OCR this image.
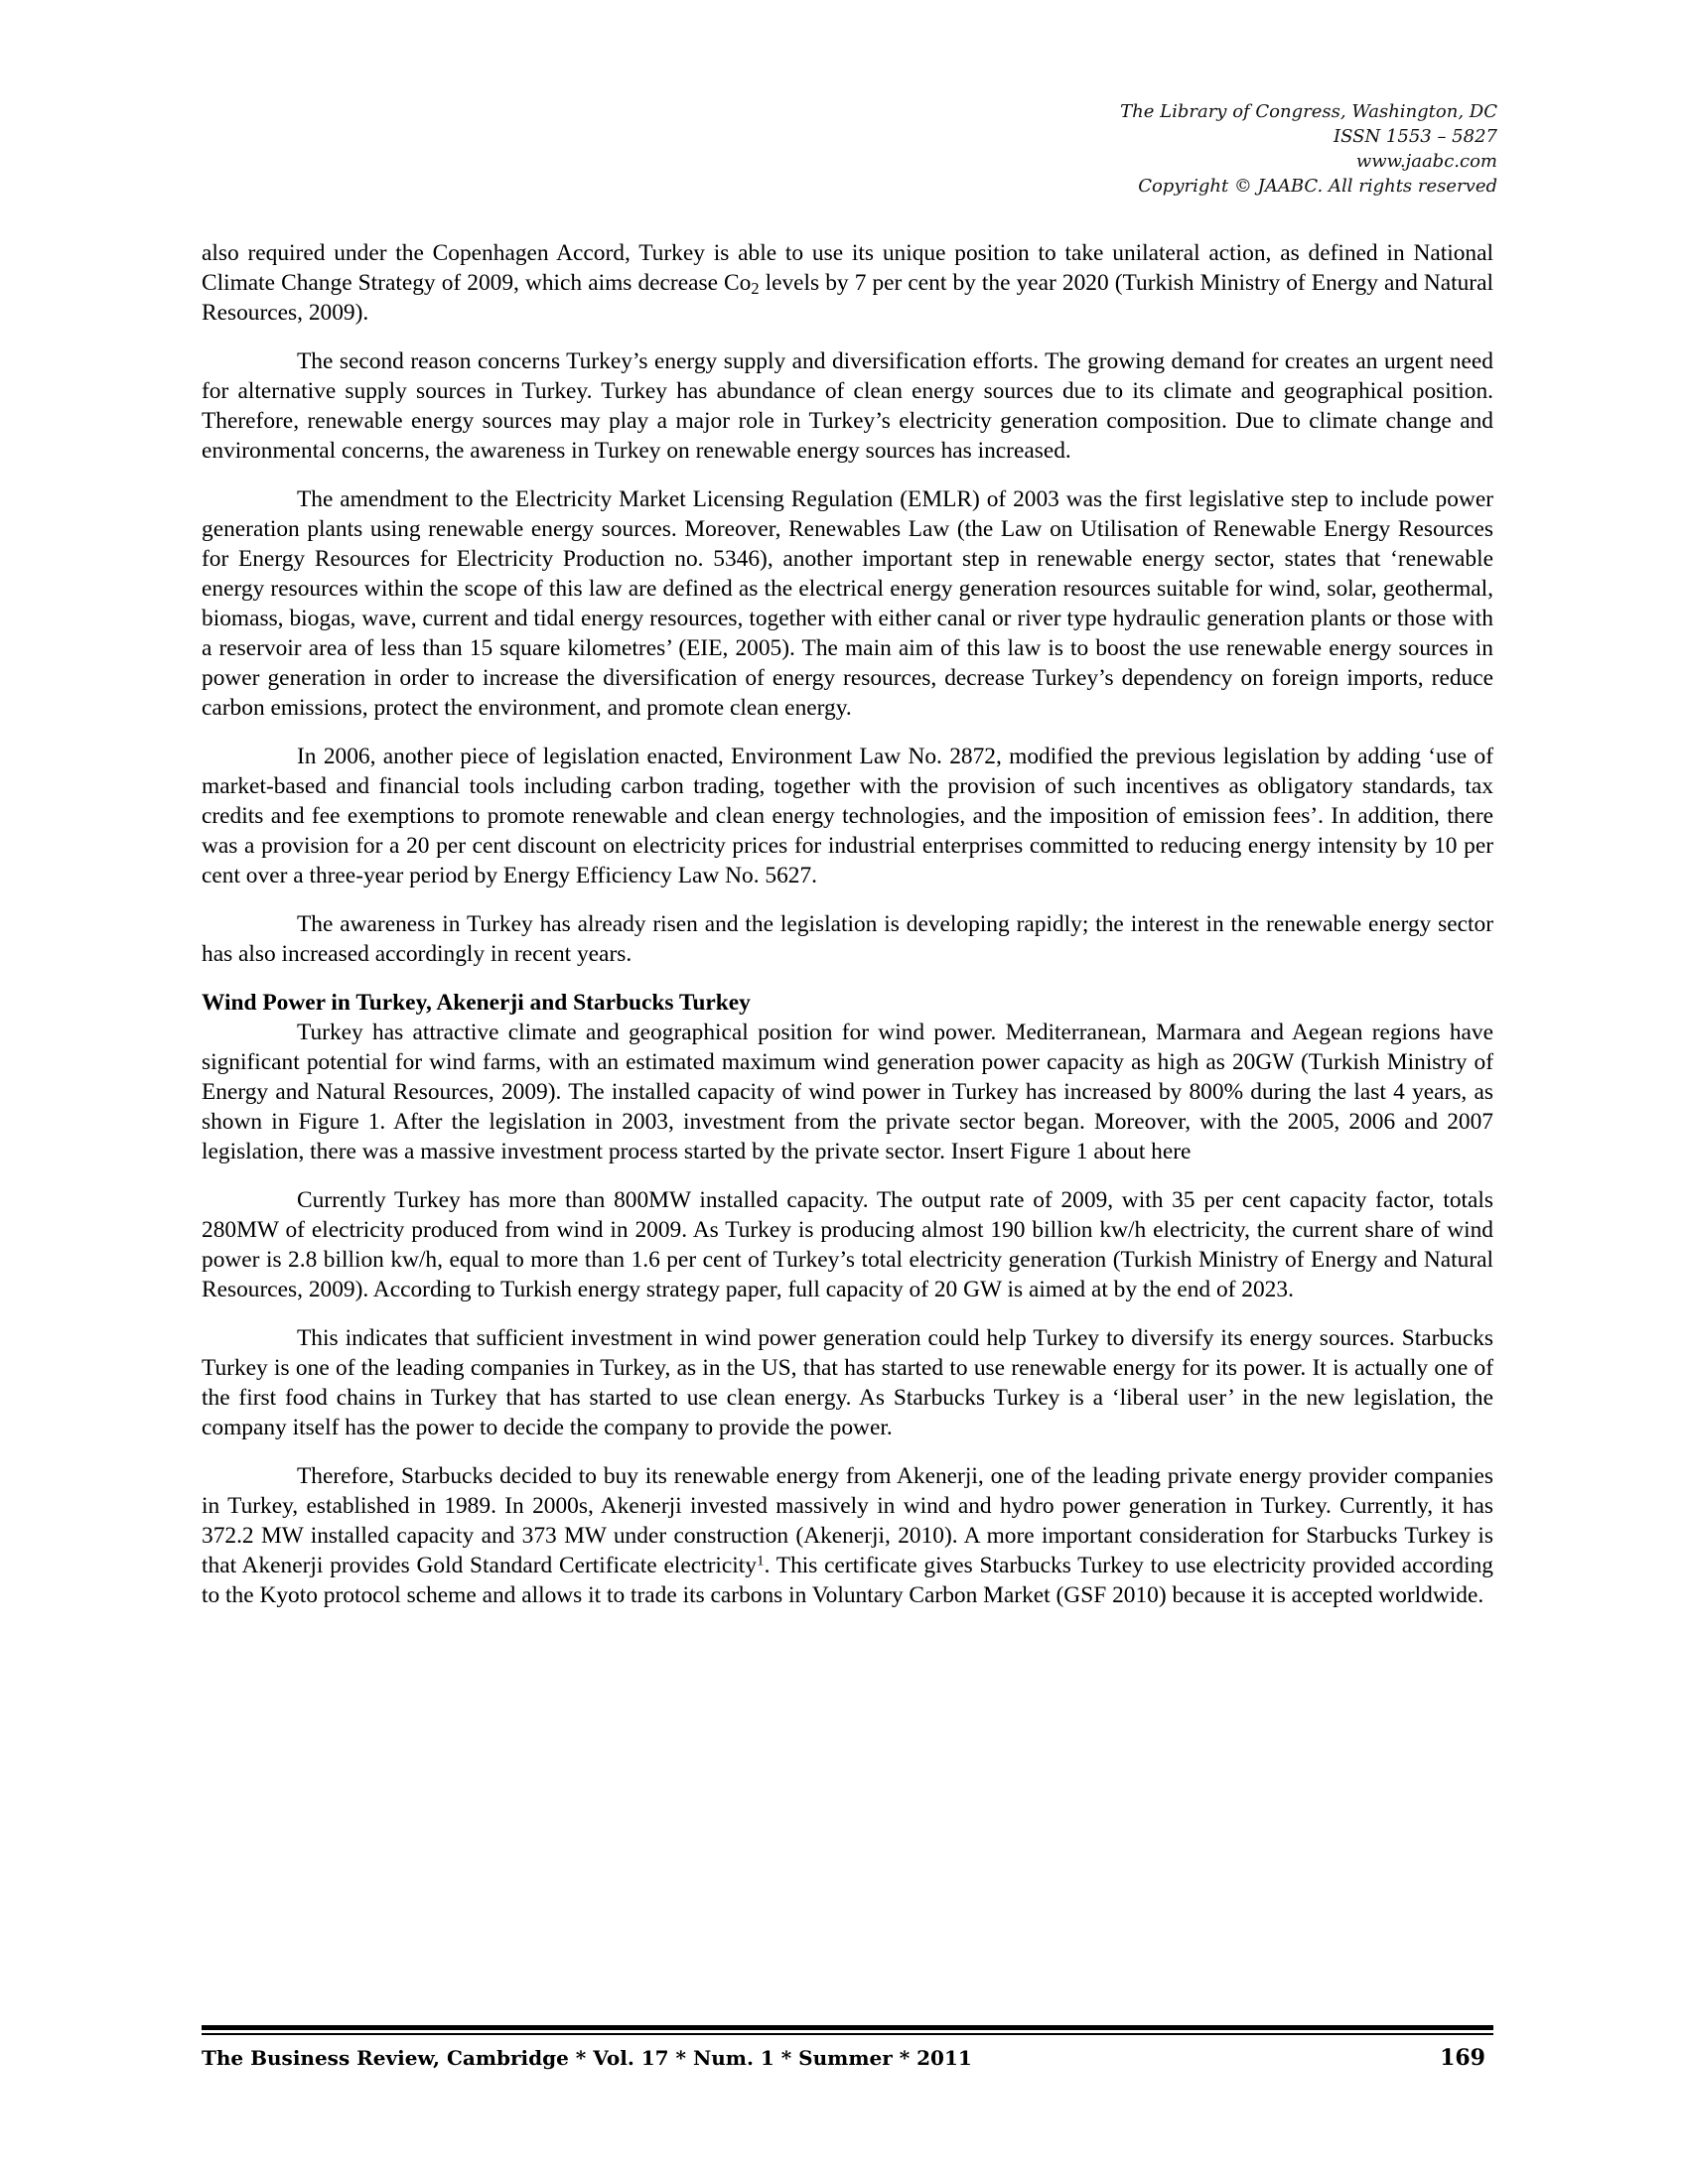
The Library of Congress, Washington, DC
ISSN 1553 – 5827
www.jaabc.com
Copyright © JAABC. All rights reserved

also required under the Copenhagen Accord, Turkey is able to use its unique position to take unilateral action, as defined in National Climate Change Strategy of 2009, which aims decrease $Co_2$ levels by 7 per cent by the year 2020 (Turkish Ministry of Energy and Natural Resources, 2009).

The second reason concerns Turkey’s energy supply and diversification efforts. The growing demand for creates an urgent need for alternative supply sources in Turkey. Turkey has abundance of clean energy sources due to its climate and geographical position. Therefore, renewable energy sources may play a major role in Turkey’s electricity generation composition. Due to climate change and environmental concerns, the awareness in Turkey on renewable energy sources has increased.

The amendment to the Electricity Market Licensing Regulation (EMLR) of 2003 was the first legislative step to include power generation plants using renewable energy sources. Moreover, Renewables Law (the Law on Utilisation of Renewable Energy Resources for Energy Resources for Electricity Production no. 5346), another important step in renewable energy sector, states that ‘renewable energy resources within the scope of this law are defined as the electrical energy generation resources suitable for wind, solar, geothermal, biomass, biogas, wave, current and tidal energy resources, together with either canal or river type hydraulic generation plants or those with a reservoir area of less than 15 square kilometres’ (EIE, 2005). The main aim of this law is to boost the use renewable energy sources in power generation in order to increase the diversification of energy resources, decrease Turkey’s dependency on foreign imports, reduce carbon emissions, protect the environment, and promote clean energy.

In 2006, another piece of legislation enacted, Environment Law No. 2872, modified the previous legislation by adding ‘use of market-based and financial tools including carbon trading, together with the provision of such incentives as obligatory standards, tax credits and fee exemptions to promote renewable and clean energy technologies, and the imposition of emission fees’. In addition, there was a provision for a 20 per cent discount on electricity prices for industrial enterprises committed to reducing energy intensity by 10 per cent over a three-year period by Energy Efficiency Law No. 5627.

The awareness in Turkey has already risen and the legislation is developing rapidly; the interest in the renewable energy sector has also increased accordingly in recent years.

Wind Power in Turkey, Akenerji and Starbucks Turkey

Turkey has attractive climate and geographical position for wind power. Mediterranean, Marmara and Aegean regions have significant potential for wind farms, with an estimated maximum wind generation power capacity as high as 20GW (Turkish Ministry of Energy and Natural Resources, 2009). The installed capacity of wind power in Turkey has increased by 800% during the last 4 years, as shown in Figure 1. After the legislation in 2003, investment from the private sector began. Moreover, with the 2005, 2006 and 2007 legislation, there was a massive investment process started by the private sector. Insert Figure 1 about here

Currently Turkey has more than 800MW installed capacity. The output rate of 2009, with 35 per cent capacity factor, totals 280MW of electricity produced from wind in 2009. As Turkey is producing almost 190 billion kw/h electricity, the current share of wind power is 2.8 billion kw/h, equal to more than 1.6 per cent of Turkey’s total electricity generation (Turkish Ministry of Energy and Natural Resources, 2009). According to Turkish energy strategy paper, full capacity of 20 GW is aimed at by the end of 2023.

This indicates that sufficient investment in wind power generation could help Turkey to diversify its energy sources. Starbucks Turkey is one of the leading companies in Turkey, as in the US, that has started to use renewable energy for its power. It is actually one of the first food chains in Turkey that has started to use clean energy. As Starbucks Turkey is a ‘liberal user’ in the new legislation, the company itself has the power to decide the company to provide the power.

Therefore, Starbucks decided to buy its renewable energy from Akenerji, one of the leading private energy provider companies in Turkey, established in 1989. In 2000s, Akenerji invested massively in wind and hydro power generation in Turkey. Currently, it has 372.2 MW installed capacity and 373 MW under construction (Akenerji, 2010). A more important consideration for Starbucks Turkey is that Akenerji provides Gold Standard Certificate electricity$^1$. This certificate gives Starbucks Turkey to use electricity provided according to the Kyoto protocol scheme and allows it to trade its carbons in Voluntary Carbon Market (GSF 2010) because it is accepted worldwide.

The Business Review, Cambridge * Vol. 17 * Num. 1 * Summer * 2011	169
